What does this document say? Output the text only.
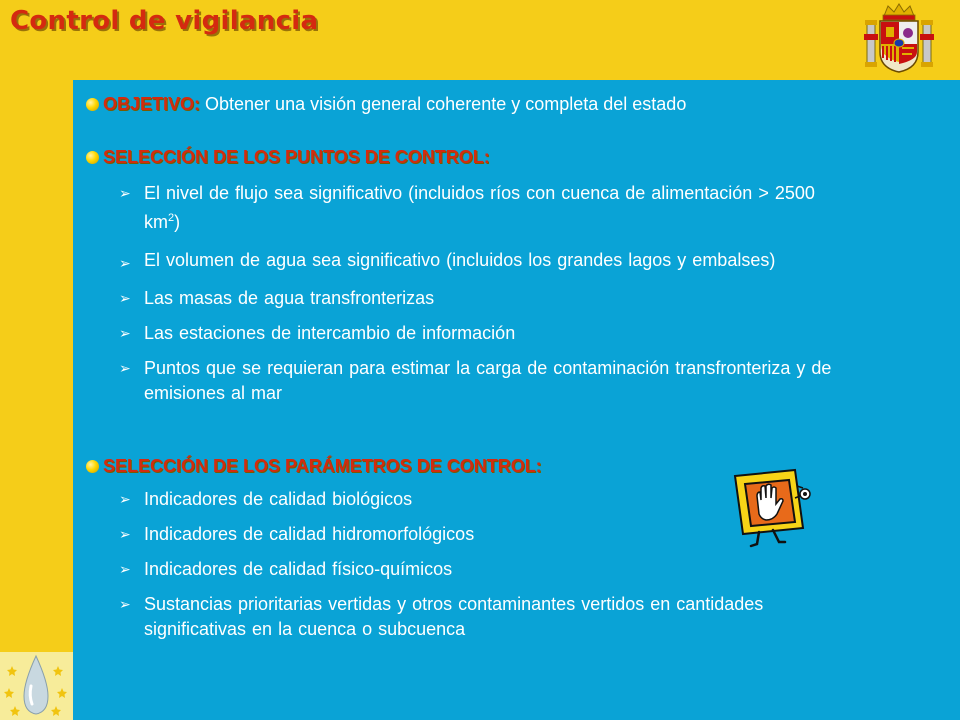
Control de vigilancia
OBJETIVO: Obtener una visión general coherente y completa del estado
SELECCIÓN DE LOS PUNTOS DE CONTROL:
➢ El nivel de flujo sea significativo (incluidos ríos con cuenca de alimentación > 2500 $km^2$)
➢ El volumen de agua sea significativo (incluidos los grandes lagos y embalses)
➢ Las masas de agua transfronterizas
➢ Las estaciones de intercambio de información
➢ Puntos que se requieran para estimar la carga de contaminación transfronteriza y de emisiones al mar
SELECCIÓN DE LOS PARÁMETROS DE CONTROL:
➢ Indicadores de calidad biológicos
➢ Indicadores de calidad hidromorfológicos
➢ Indicadores de calidad físico-químicos
➢ Sustancias prioritarias vertidas y otros contaminantes vertidos en cantidades significativas en la cuenca o subcuenca
